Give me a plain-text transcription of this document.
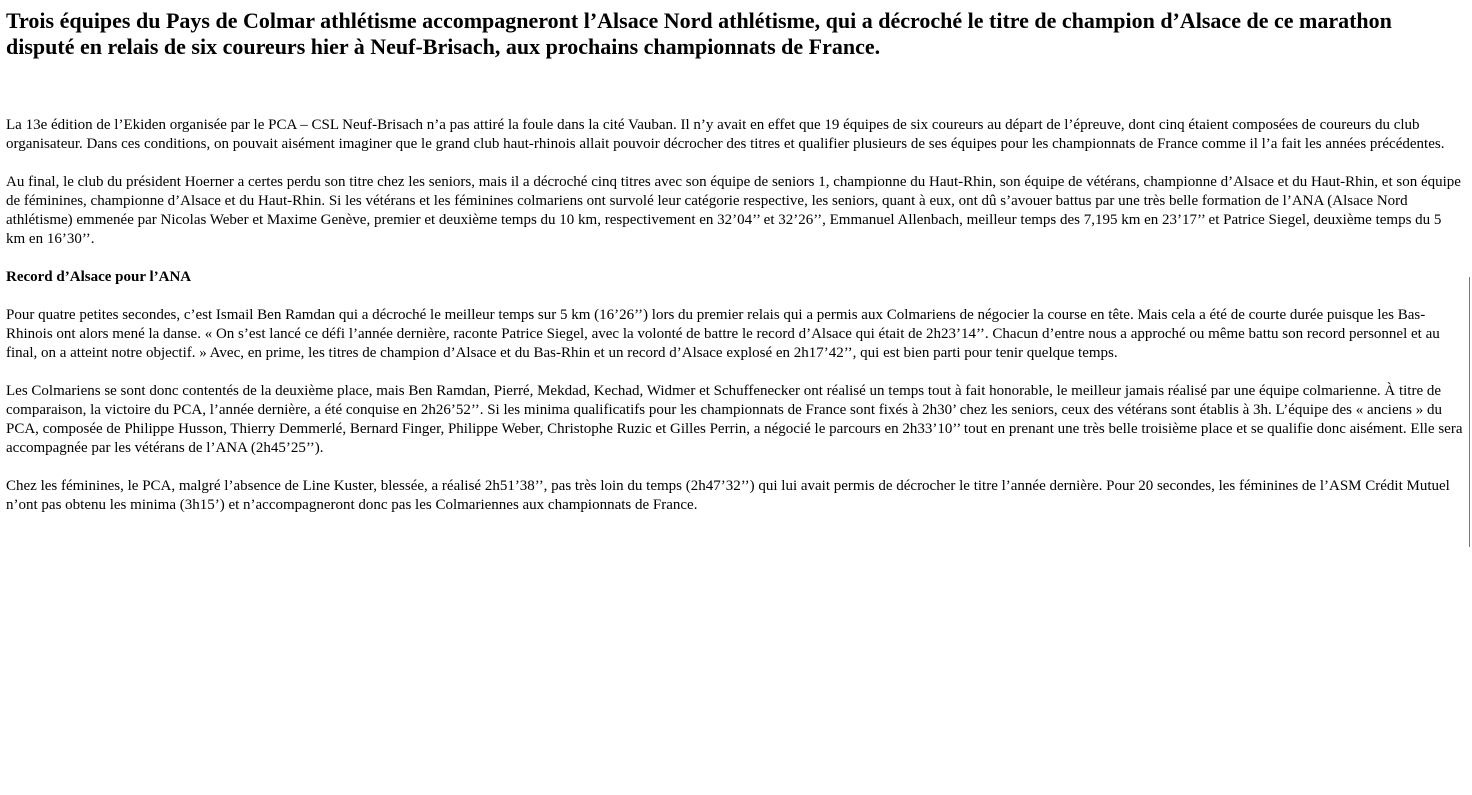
Trois équipes du Pays de Colmar athlétisme accompagneront l’Alsace Nord athlétisme, qui a décroché le titre de champion d’Alsace de ce marathon disputé en relais de six coureurs hier à Neuf-Brisach, aux prochains championnats de France.

La 13e édition de l’Ekiden organisée par le PCA – CSL Neuf-Brisach n’a pas attiré la foule dans la cité Vauban. Il n’y avait en effet que 19 équipes de six coureurs au départ de l’épreuve, dont cinq étaient composées de coureurs du club organisateur. Dans ces conditions, on pouvait aisément imaginer que le grand club haut-rhinois allait pouvoir décrocher des titres et qualifier plusieurs de ses équipes pour les championnats de France comme il l’a fait les années précédentes.

Au final, le club du président Hoerner a certes perdu son titre chez les seniors, mais il a décroché cinq titres avec son équipe de seniors 1, championne du Haut-Rhin, son équipe de vétérans, championne d’Alsace et du Haut-Rhin, et son équipe de féminines, championne d’Alsace et du Haut-Rhin. Si les vétérans et les féminines colmariens ont survolé leur catégorie respective, les seniors, quant à eux, ont dû s’avouer battus par une très belle formation de l’ANA (Alsace Nord athlétisme) emmenée par Nicolas Weber et Maxime Genève, premier et deuxième temps du 10 km, respectivement en 32’04’’ et 32’26’’, Emmanuel Allenbach, meilleur temps des 7,195 km en 23’17’’ et Patrice Siegel, deuxième temps du 5 km en 16’30’’.

Record d’Alsace pour l’ANA

Pour quatre petites secondes, c’est Ismail Ben Ramdan qui a décroché le meilleur temps sur 5 km (16’26’’) lors du premier relais qui a permis aux Colmariens de négocier la course en tête. Mais cela a été de courte durée puisque les Bas-Rhinois ont alors mené la danse. « On s’est lancé ce défi l’année dernière, raconte Patrice Siegel, avec la volonté de battre le record d’Alsace qui était de 2h23’14’’. Chacun d’entre nous a approché ou même battu son record personnel et au final, on a atteint notre objectif. » Avec, en prime, les titres de champion d’Alsace et du Bas-Rhin et un record d’Alsace explosé en 2h17’42’’, qui est bien parti pour tenir quelque temps.

Les Colmariens se sont donc contentés de la deuxième place, mais Ben Ramdan, Pierré, Mekdad, Kechad, Widmer et Schuffenecker ont réalisé un temps tout à fait honorable, le meilleur jamais réalisé par une équipe colmarienne. À titre de comparaison, la victoire du PCA, l’année dernière, a été conquise en 2h26’52’’. Si les minima qualificatifs pour les championnats de France sont fixés à 2h30’ chez les seniors, ceux des vétérans sont établis à 3h. L’équipe des « anciens » du PCA, composée de Philippe Husson, Thierry Demmerlé, Bernard Finger, Philippe Weber, Christophe Ruzic et Gilles Perrin, a négocié le parcours en 2h33’10’’ tout en prenant une très belle troisième place et se qualifie donc aisément. Elle sera accompagnée par les vétérans de l’ANA (2h45’25’’).

Chez les féminines, le PCA, malgré l’absence de Line Kuster, blessée, a réalisé 2h51’38’’, pas très loin du temps (2h47’32’’) qui lui avait permis de décrocher le titre l’année dernière. Pour 20 secondes, les féminines de l’ASM Crédit Mutuel n’ont pas obtenu les minima (3h15’) et n’accompagneront donc pas les Colmariennes aux championnats de France.
